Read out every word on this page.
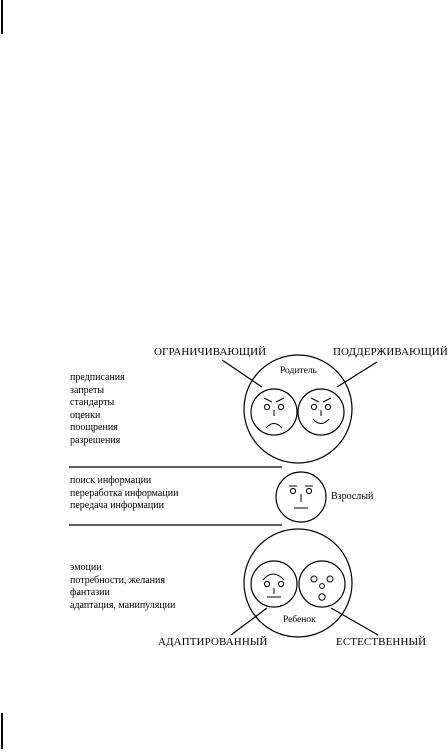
ОГРАНИЧИВАЮЩИЙ	ПОДДЕРЖИВАЮЩИЙ
Родитель
предписания
запреты
стандарты
оценки
поощрения
разрешения
поиск информации
переработка информации
передача информации
Взрослый
эмоции
потребности, желания
фантазии
адаптация, манипуляции
Ребенок
АДАПТИРОВАННЫЙ	ЕСТЕСТВЕННЫЙ
